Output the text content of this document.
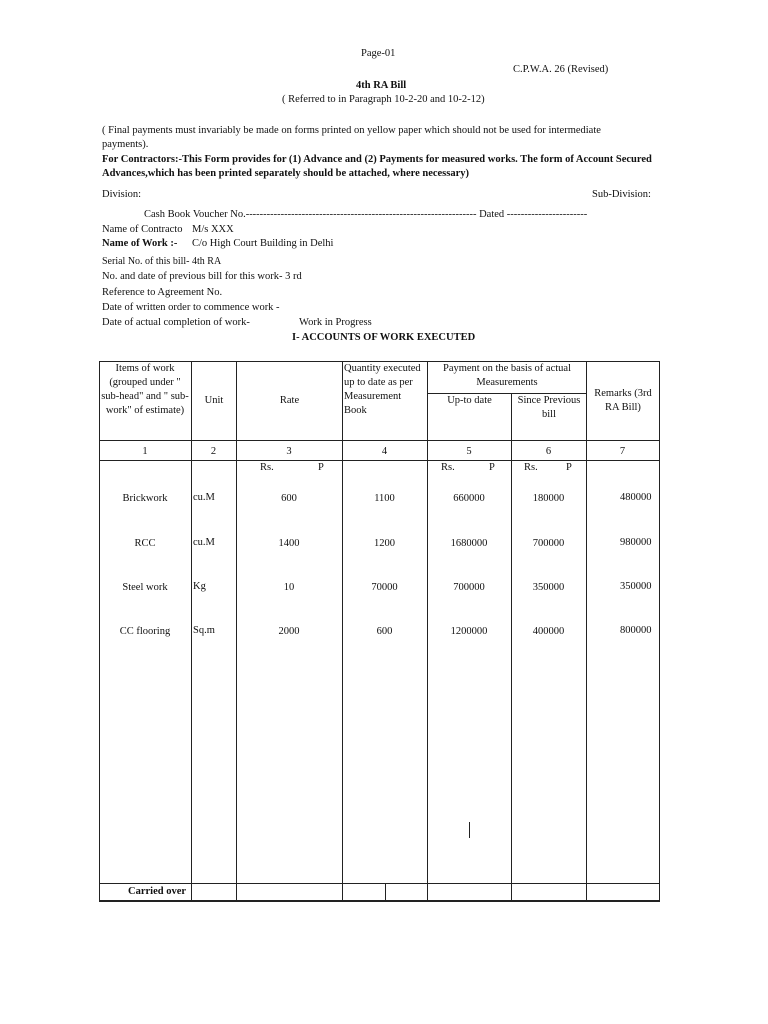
Page-01
C.P.W.A. 26 (Revised)
4th RA Bill
( Referred to in Paragraph 10-2-20 and 10-2-12)
( Final payments must invariably be made on forms printed on yellow paper which should not be used for intermediate payments).
For Contractors:-This Form provides for (1) Advance and (2) Payments for measured works. The form of Account Secured Advances,which has been printed separately should be attached, where necessary)
Division:	Sub-Division:
Cash Book Voucher No.------------------------------------------------------------------ Dated -----------------------
Name of Contracto M/s XXX
Name of Work :- C/o High Court Building in Delhi
Serial No. of this bill- 4th RA
No. and date of previous bill for this work- 3 rd
Reference to Agreement No.
Date of written order to commence work -
Date of actual completion of work-	Work in Progress
I- ACCOUNTS OF WORK EXECUTED
Items of work (grouped under " sub-head" and " sub-work" of estimate)
Unit	Rate
Quantity executed up to date as per Measurement Book
Payment on the basis of actual Measurements
Up-to date	Since Previous bill
Remarks (3rd RA Bill)
1	2	3	4	5	6	7
Rs.	P	Rs.	P	Rs.	P
Brickwork	cu.M	600	1100	660000	180000	480000
RCC	cu.M	1400	1200	1680000	700000	980000
Steel work	Kg	10	70000	700000	350000	350000
CC flooring	Sq.m	2000	600	1200000	400000	800000
Carried over
